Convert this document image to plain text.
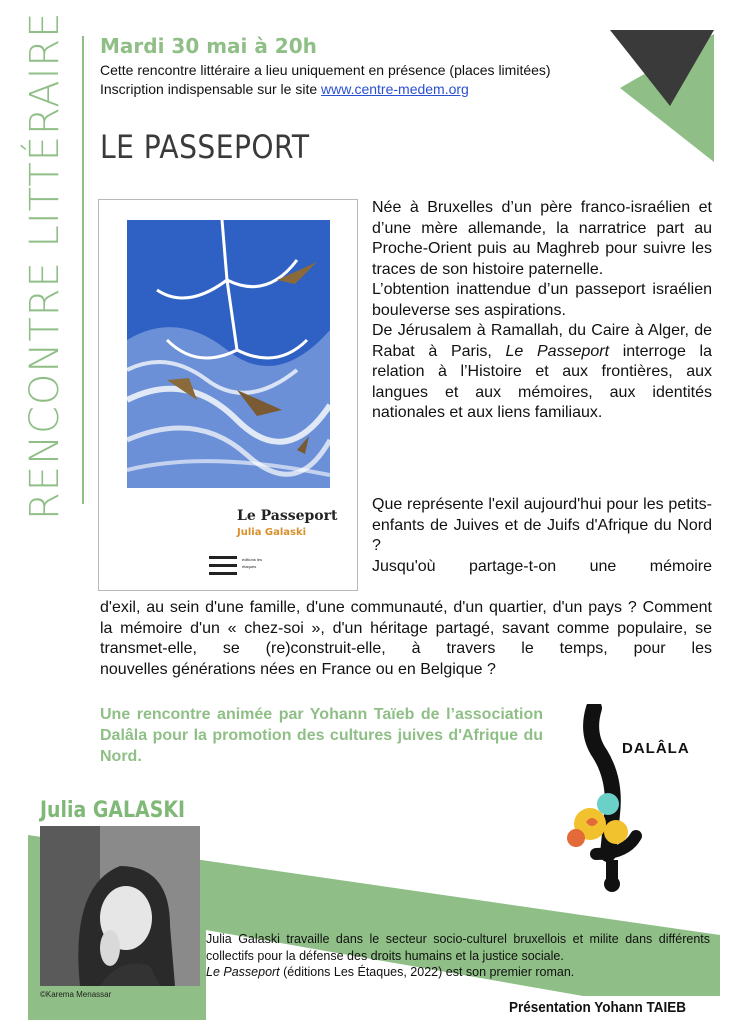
RENCONTRE LITTÉRAIRE Mardi 30 mai à 20h
Cette rencontre littéraire a lieu uniquement en présence (places limitées)
Inscription indispensable sur le site www.centre-medem.org
LE PASSEPORT
Le Passeport
Julia Galaski
éditions les étaques

Née à Bruxelles d’un père franco-israélien et d’une mère allemande, la narratrice part au Proche-Orient puis au Maghreb pour suivre les traces de son histoire paternelle.

L’obtention inattendue d’un passeport israélien bouleverse ses aspirations.

De Jérusalem à Ramallah, du Caire à Alger, de Rabat à Paris, Le Passeport interroge la relation à l’Histoire et aux frontières, aux langues et aux mémoires, aux identités nationales et aux liens familiaux.

Que représente l'exil aujourd'hui pour les petits-enfants de Juives et de Juifs d'Afrique du Nord ?
Jusqu'où partage-t-on une mémoire
d'exil, au sein d'une famille, d'une communauté, d'un quartier, d'un pays ? Comment la mémoire d'un « chez-soi », d'un héritage partagé, savant comme populaire, se transmet-elle, se (re)construit-elle, à travers le temps, pour les
nouvelles générations nées en France ou en Belgique ?
Une rencontre animée par Yohann Taïeb de l’association Dalâla pour la promotion des cultures juives d'Afrique du Nord.	DALÂLA
Julia GALASKI
©Karema Menassar
Julia Galaski travaille dans le secteur socio-culturel bruxellois et milite dans différents collectifs pour la défense des droits humains et la justice sociale.
Le Passeport (éditions Les Étaques, 2022) est son premier roman.
Présentation Yohann TAIEB
